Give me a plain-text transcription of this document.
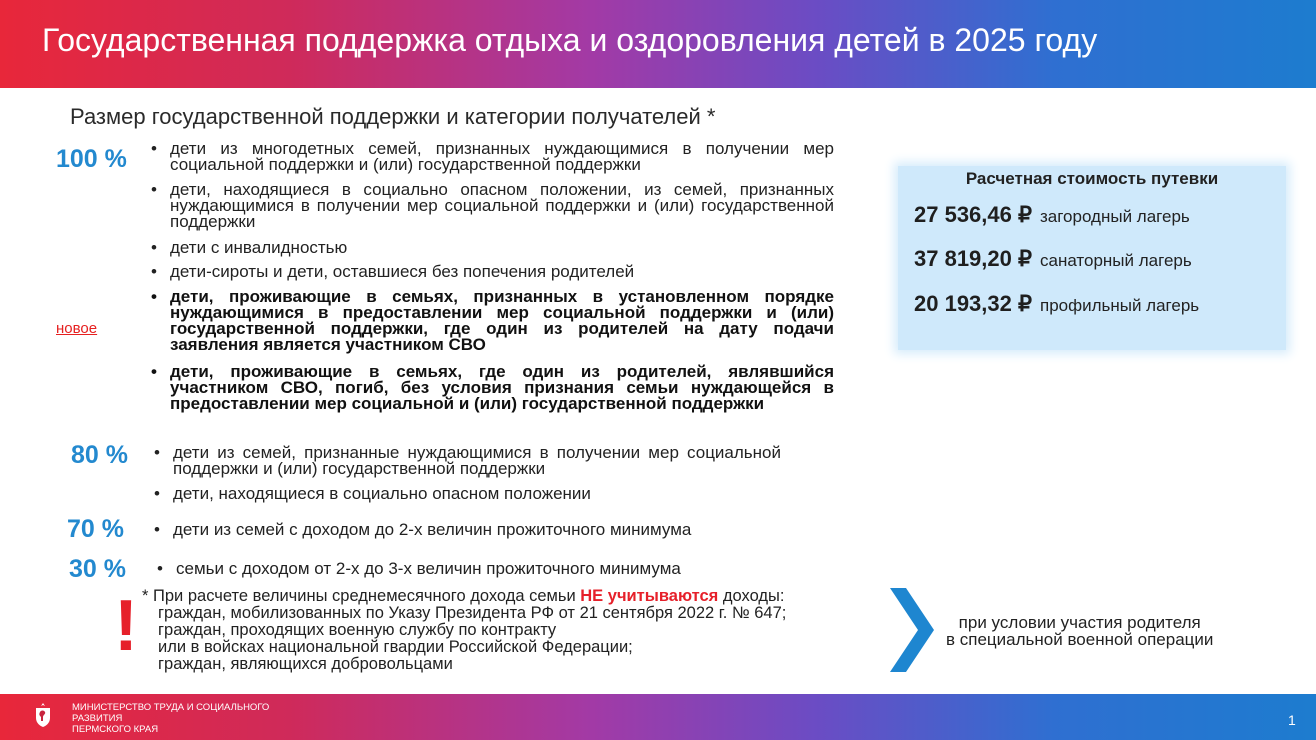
Государственная поддержка отдыха и оздоровления детей в 2025 году
Размер государственной поддержки и категории получателей *
100 % • дети из многодетных семей, признанных нуждающимися в получении мер социальной поддержки и (или) государственной поддержки
• дети, находящиеся в социально опасном положении, из семей, признанных нуждающимися в получении мер социальной поддержки и (или) государственной поддержки
• дети с инвалидностью
• дети-сироты и дети, оставшиеся без попечения родителей
• дети, проживающие в семьях, признанных в установленном порядке нуждающимися в предоставлении мер социальной поддержки и (или) государственной поддержки, где один из родителей на дату подачи заявления является участником СВО
новое
• дети, проживающие в семьях, где один из родителей, являвшийся участником СВО, погиб, без условия признания семьи нуждающейся в предоставлении мер социальной и (или) государственной поддержки
80 % • дети из семей, признанные нуждающимися в получении мер социальной поддержки и (или) государственной поддержки
• дети, находящиеся в социально опасном положении
70 % • дети из семей с доходом до 2-х величин прожиточного минимума
30 % • семьи с доходом от 2-х до 3-х величин прожиточного минимума
Расчетная стоимость путевки
27 536,46 ₽ загородный лагерь
37 819,20 ₽ санаторный лагерь
20 193,32 ₽ профильный лагерь
! * При расчете величины среднемесячного дохода семьи НЕ учитываются доходы:
граждан, мобилизованных по Указу Президента РФ от 21 сентября 2022 г. № 647;
граждан, проходящих военную службу по контракту
или в войсках национальной гвардии Российской Федерации;
граждан, являющихся добровольцами
при условии участия родителя
в специальной военной операции
МИНИСТЕРСТВО ТРУДА И СОЦИАЛЬНОГО
РАЗВИТИЯ
ПЕРМСКОГО КРАЯ
1
